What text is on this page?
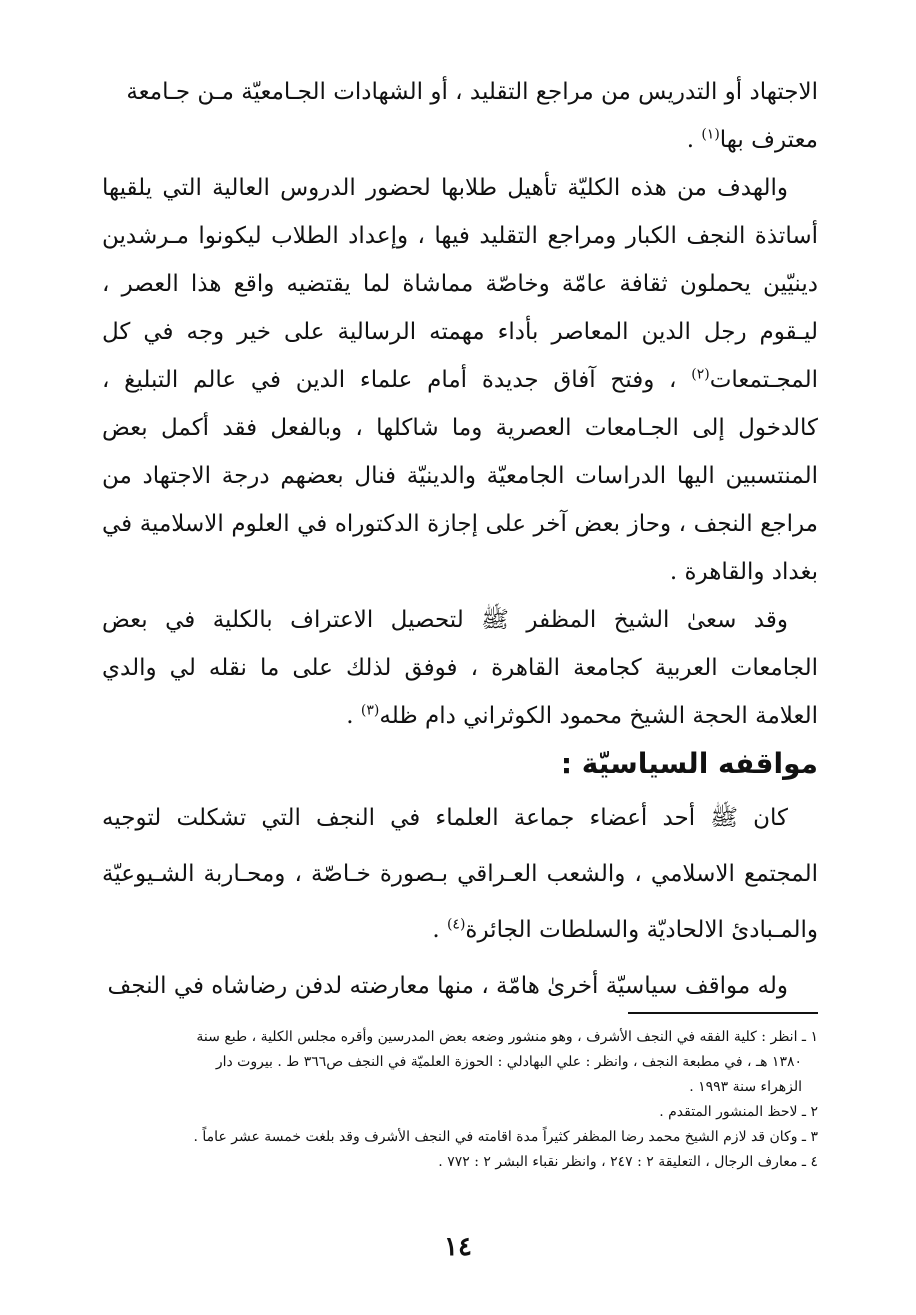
الاجتهاد أو التدريس من مراجع التقليد ، أو الشهادات الجـامعيّة مـن جـامعة
معترف بها$^{(١)}$ .

والهدف من هذه الكليّة تأهيل طلابها لحضور الدروس العالية التي يلقيها أساتذة النجف الكبار ومراجع التقليد فيها ، وإعداد الطلاب ليكونوا مـرشدين دينيّين يحملون ثقافة عامّة وخاصّة مماشاة لما يقتضيه واقع هذا العصر ، ليـقوم رجل الدين المعاصر بأداء مهمته الرسالية على خير وجه في كل المجـتمعات$^{(٢)}$ ، وفتح آفاق جديدة أمام علماء الدين في عالم التبليغ ، كالدخول إلى الجـامعات العصرية وما شاكلها ، وبالفعل فقد أكمل بعض المنتسبين اليها الدراسات الجامعيّة والدينيّة فنال بعضهم درجة الاجتهاد من مراجع النجف ، وحاز بعض آخر على إجازة الدكتوراه في العلوم الاسلامية في بغداد والقاهرة .

وقد سعىٰ الشيخ المظفر ﷺ لتحصيل الاعتراف بالكلية في بعض الجامعات العربية كجامعة القاهرة ، فوفق لذلك على ما نقله لي والدي العلامة الحجة الشيخ محمود الكوثراني دام ظله$^{(٣)}$ .

مواقفه السياسيّة :

كان ﷺ أحد أعضاء جماعة العلماء في النجف التي تشكلت لتوجيه المجتمع الاسلامي ، والشعب العـراقي بـصورة خـاصّة ، ومحـاربة الشـيوعيّة والمـبادئ الالحاديّة والسلطات الجائرة$^{(٤)}$ .

وله مواقف سياسيّة أخرىٰ هامّة ، منها معارضته لدفن رضاشاه في النجف

١ ـ انظر : كلية الفقه في النجف الأشرف ، وهو منشور وضعه بعض المدرسين وأقره مجلس الكلية ، طبع سنة

١٣٨٠ هـ ، في مطبعة النجف ، وانظر : علي البهادلي : الحوزة العلميّة في النجف ص٣٦٦ ط . بيروت دار

الزهراء سنة ١٩٩٣ .

٢ ـ لاحظ المنشور المتقدم .

٣ ـ وكان قد لازم الشيخ محمد رضا المظفر كثيراً مدة اقامته في النجف الأشرف وقد بلغت خمسة عشر عاماً .

٤ ـ معارف الرجال ، التعليقة ٢ : ٢٤٧ ، وانظر نقباء البشر ٢ : ٧٧٢ .

١٤
